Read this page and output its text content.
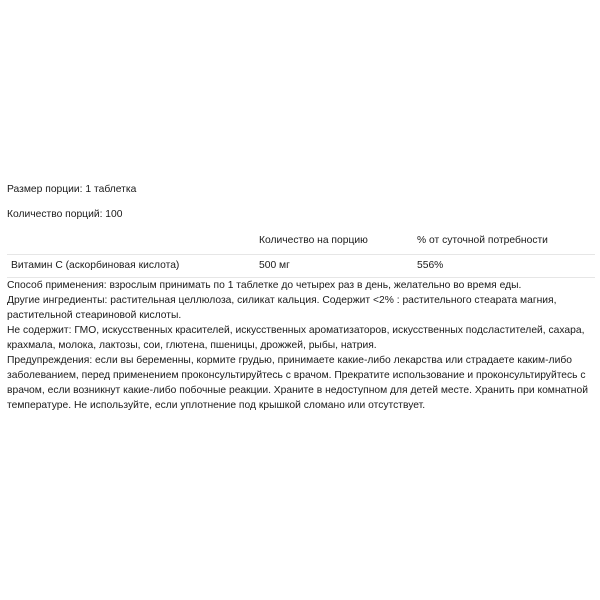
Размер порции: 1 таблетка

Количество порций: 100

	Количество на порцию	% от суточной потребности
Витамин С (аскорбиновая кислота)	500 мг	556%

Способ применения: взрослым принимать по 1 таблетке до четырех раз в день, желательно во время еды.

Другие ингредиенты: растительная целлюлоза, силикат кальция. Содержит <2% : растительного стеарата магния,
растительной стеариновой кислоты.

Не содержит: ГМО, искусственных красителей, искусственных ароматизаторов, искусственных подсластителей, сахара,
крахмала, молока, лактозы, сои, глютена, пшеницы, дрожжей, рыбы, натрия.

Предупреждения: если вы беременны, кормите грудью, принимаете какие-либо лекарства или страдаете каким-либо
заболеванием, перед применением проконсультируйтесь с врачом. Прекратите использование и проконсультируйтесь с
врачом, если возникнут какие-либо побочные реакции. Храните в недоступном для детей месте. Хранить при комнатной
температуре. Не используйте, если уплотнение под крышкой сломано или отсутствует.
